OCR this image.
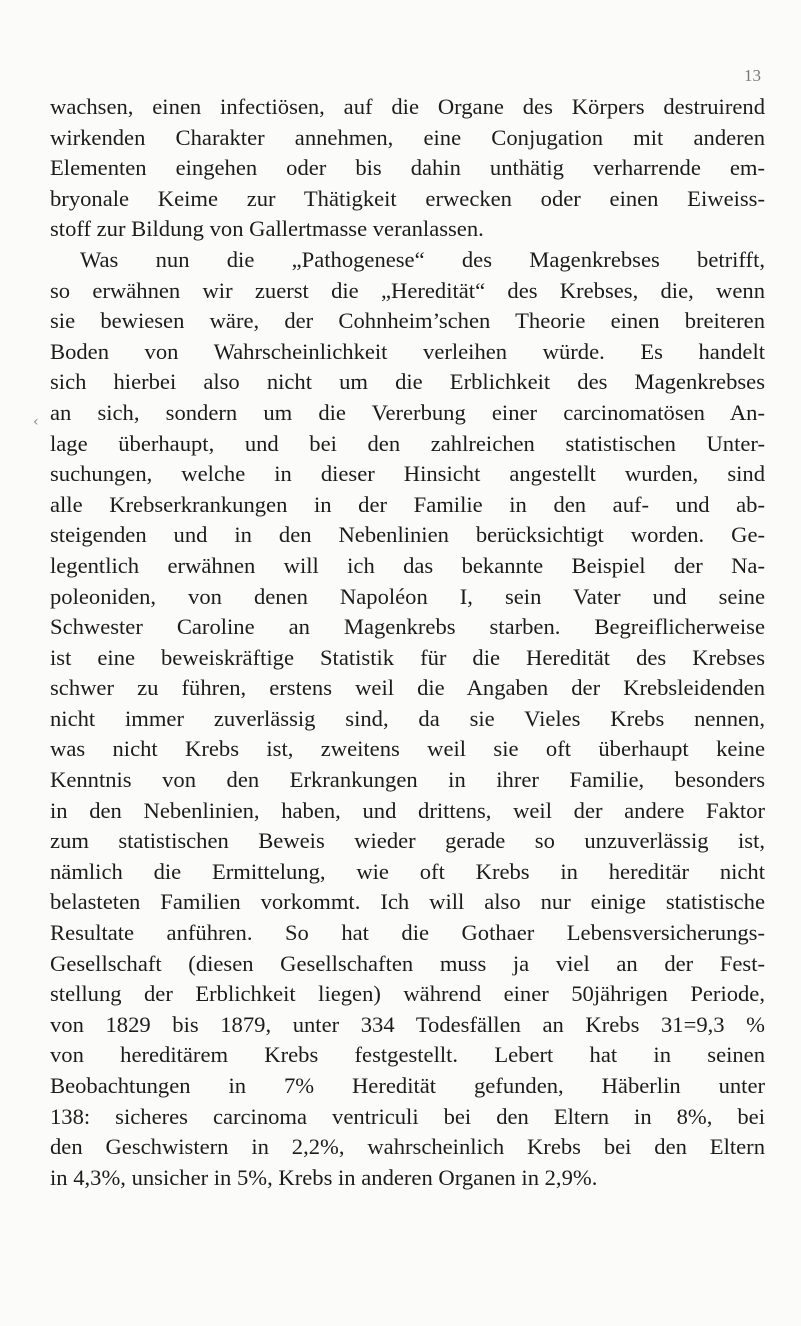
13
‹
wachsen, einen infectiösen, auf die Organe des Körpers destruirend
wirkenden Charakter annehmen, eine Conjugation mit anderen
Elementen eingehen oder bis dahin unthätig verharrende em-
bryonale Keime zur Thätigkeit erwecken oder einen Eiweiss-
stoff zur Bildung von Gallertmasse veranlassen.
Was nun die „Pathogenese“ des Magenkrebses betrifft,
so erwähnen wir zuerst die „Heredität“ des Krebses, die, wenn
sie bewiesen wäre, der Cohnheim’schen Theorie einen breiteren
Boden von Wahrscheinlichkeit verleihen würde. Es handelt
sich hierbei also nicht um die Erblichkeit des Magenkrebses
an sich, sondern um die Vererbung einer carcinomatösen An-
lage überhaupt, und bei den zahlreichen statistischen Unter-
suchungen, welche in dieser Hinsicht angestellt wurden, sind
alle Krebserkrankungen in der Familie in den auf- und ab-
steigenden und in den Nebenlinien berücksichtigt worden. Ge-
legentlich erwähnen will ich das bekannte Beispiel der Na-
poleoniden, von denen Napoléon I, sein Vater und seine
Schwester Caroline an Magenkrebs starben. Begreiflicherweise
ist eine beweiskräftige Statistik für die Heredität des Krebses
schwer zu führen, erstens weil die Angaben der Krebsleidenden
nicht immer zuverlässig sind, da sie Vieles Krebs nennen,
was nicht Krebs ist, zweitens weil sie oft überhaupt keine
Kenntnis von den Erkrankungen in ihrer Familie, besonders
in den Nebenlinien, haben, und drittens, weil der andere Faktor
zum statistischen Beweis wieder gerade so unzuverlässig ist,
nämlich die Ermittelung, wie oft Krebs in hereditär nicht
belasteten Familien vorkommt. Ich will also nur einige statistische
Resultate anführen. So hat die Gothaer Lebensversicherungs-
Gesellschaft (diesen Gesellschaften muss ja viel an der Fest-
stellung der Erblichkeit liegen) während einer 50jährigen Periode,
von 1829 bis 1879, unter 334 Todesfällen an Krebs 31=9,3 %
von hereditärem Krebs festgestellt. Lebert hat in seinen
Beobachtungen in 7% Heredität gefunden, Häberlin unter
138: sicheres carcinoma ventriculi bei den Eltern in 8%, bei
den Geschwistern in 2,2%, wahrscheinlich Krebs bei den Eltern
in 4,3%, unsicher in 5%, Krebs in anderen Organen in 2,9%.
